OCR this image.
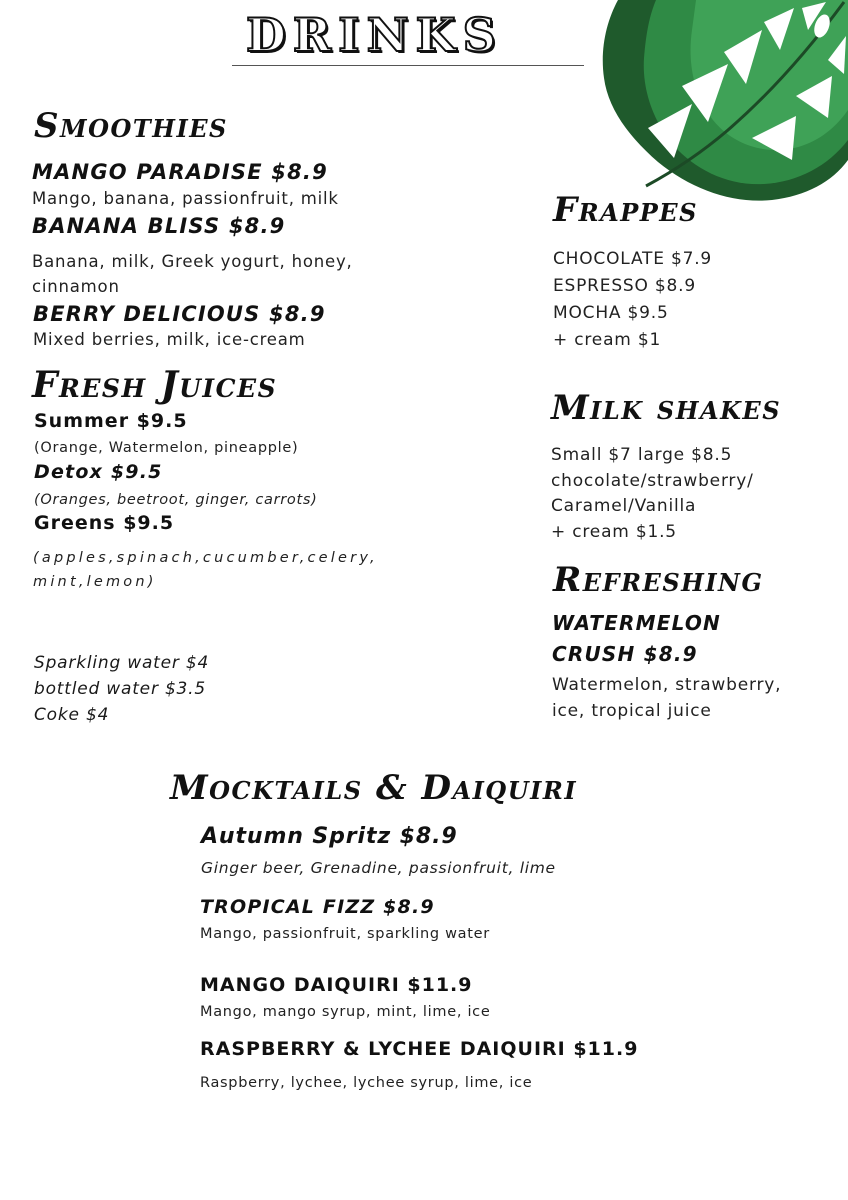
DRINKS
Smoothies
MANGO PARADISE $8.9
Mango, banana, passionfruit, milk
BANANA BLISS $8.9
Banana, milk, Greek yogurt, honey,
cinnamon
BERRY DELICIOUS $8.9
Mixed berries, milk, ice-cream
Fresh Juices
Summer $9.5
(Orange, Watermelon, pineapple)
Detox $9.5
(Oranges, beetroot, ginger, carrots)
Greens $9.5
(apples,spinach,cucumber,celery,
mint,lemon)
Sparkling water $4
bottled water $3.5
Coke $4
Frappes
CHOCOLATE $7.9
ESPRESSO $8.9
MOCHA $9.5
+ cream $1
Milk shakes
Small $7 large $8.5
chocolate/strawberry/
Caramel/Vanilla
+ cream $1.5
Refreshing
WATERMELON
CRUSH $8.9
Watermelon, strawberry,
ice, tropical juice
Mocktails & Daiquiri
Autumn Spritz $8.9
Ginger beer, Grenadine, passionfruit, lime
TROPICAL FIZZ $8.9
Mango, passionfruit, sparkling water
MANGO DAIQUIRI $11.9
Mango, mango syrup, mint, lime, ice
RASPBERRY & LYCHEE DAIQUIRI $11.9
Raspberry, lychee, lychee syrup, lime, ice
